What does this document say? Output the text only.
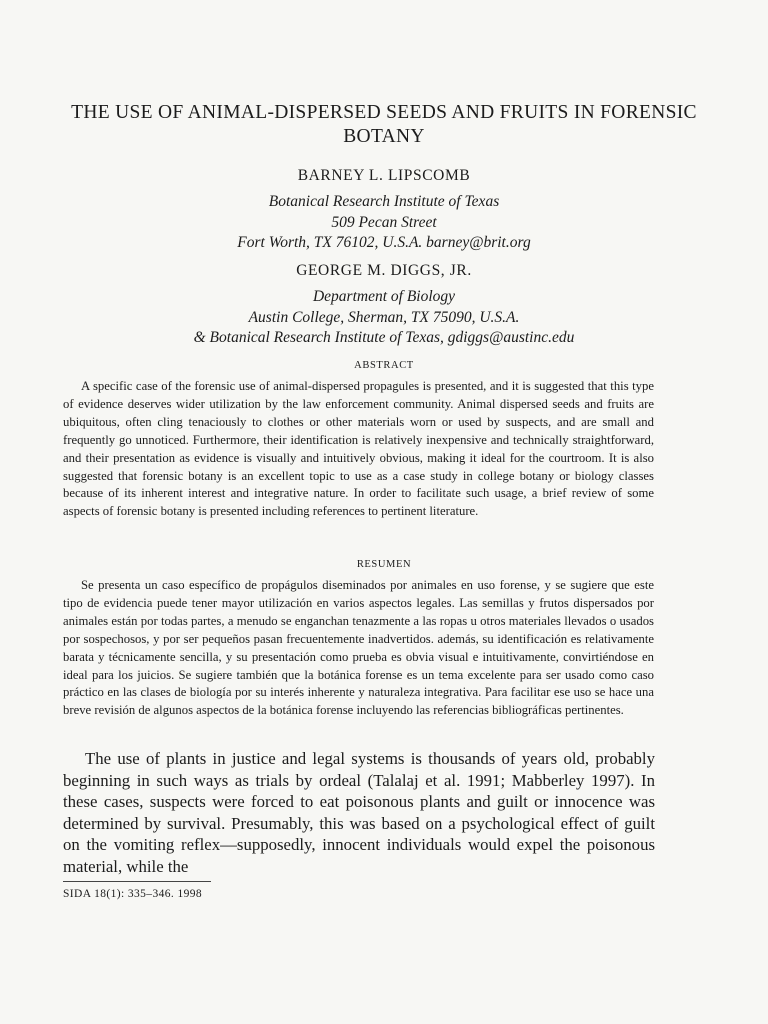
THE USE OF ANIMAL-DISPERSED SEEDS AND FRUITS IN FORENSIC BOTANY
BARNEY L. LIPSCOMB
Botanical Research Institute of Texas
509 Pecan Street
Fort Worth, TX 76102, U.S.A. barney@brit.org
GEORGE M. DIGGS, JR.
Department of Biology
Austin College, Sherman, TX 75090, U.S.A.
& Botanical Research Institute of Texas, gdiggs@austinc.edu
ABSTRACT
A specific case of the forensic use of animal-dispersed propagules is presented, and it is suggested that this type of evidence deserves wider utilization by the law enforcement community. Animal dispersed seeds and fruits are ubiquitous, often cling tenaciously to clothes or other materials worn or used by suspects, and are small and frequently go unnoticed. Furthermore, their identification is relatively inexpensive and technically straightforward, and their presentation as evidence is visually and intuitively obvious, making it ideal for the courtroom. It is also suggested that forensic botany is an excellent topic to use as a case study in college botany or biology classes because of its inherent interest and integrative nature. In order to facilitate such usage, a brief review of some aspects of forensic botany is presented including references to pertinent literature.
RESUMEN
Se presenta un caso específico de propágulos diseminados por animales en uso forense, y se sugiere que este tipo de evidencia puede tener mayor utilización en varios aspectos legales. Las semillas y frutos dispersados por animales están por todas partes, a menudo se enganchan tenazmente a las ropas u otros materiales llevados o usados por sospechosos, y por ser pequeños pasan frecuentemente inadvertidos. además, su identificación es relativamente barata y técnicamente sencilla, y su presentación como prueba es obvia visual e intuitivamente, convirtiéndose en ideal para los juicios. Se sugiere también que la botánica forense es un tema excelente para ser usado como caso práctico en las clases de biología por su interés inherente y naturaleza integrativa. Para facilitar ese uso se hace una breve revisión de algunos aspectos de la botánica forense incluyendo las referencias bibliográficas pertinentes.
The use of plants in justice and legal systems is thousands of years old, probably beginning in such ways as trials by ordeal (Talalaj et al. 1991; Mabberley 1997). In these cases, suspects were forced to eat poisonous plants and guilt or innocence was determined by survival. Presumably, this was based on a psychological effect of guilt on the vomiting reflex—supposedly, innocent individuals would expel the poisonous material, while the
SIDA 18(1): 335–346. 1998
